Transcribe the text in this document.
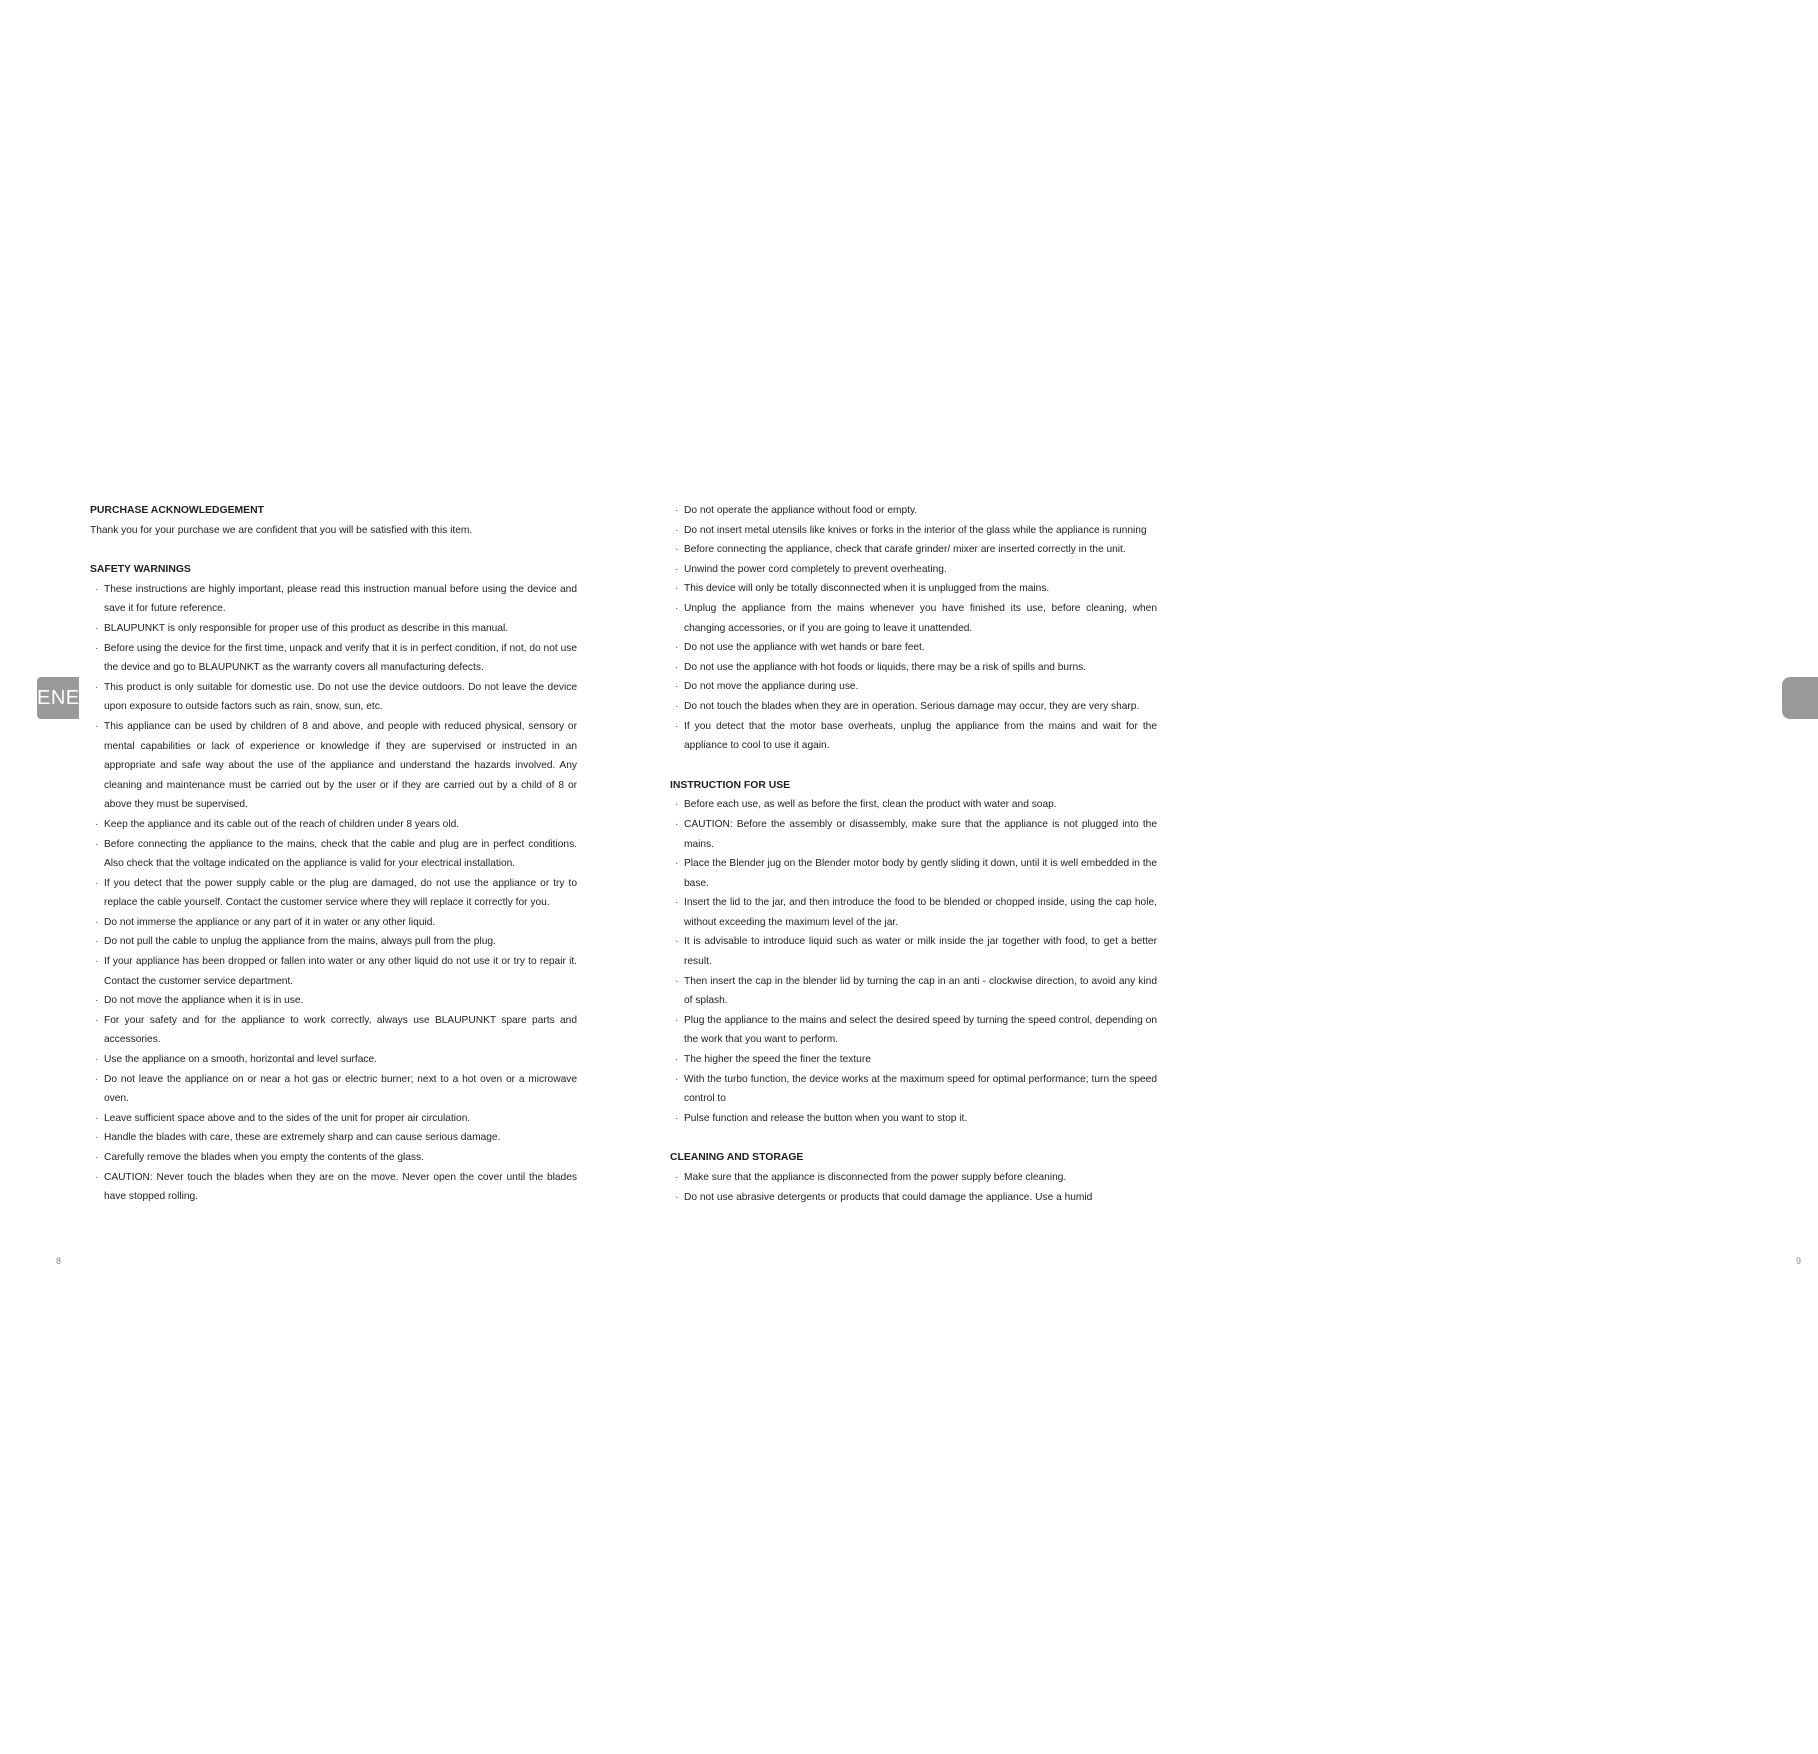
ENE

PURCHASE ACKNOWLEDGEMENT

Thank you for your purchase we are confident that you will be satisfied with this item.

SAFETY WARNINGS

· These instructions are highly important, please read this instruction manual before using the device and save it for future reference.
· BLAUPUNKT is only responsible for proper use of this product as describe in this manual.
· Before using the device for the first time, unpack and verify that it is in perfect condition, if not, do not use the device and go to BLAUPUNKT as the warranty covers all manufacturing defects.
· This product is only suitable for domestic use. Do not use the device outdoors. Do not leave the device upon exposure to outside factors such as rain, snow, sun, etc.
· This appliance can be used by children of 8 and above, and people with reduced physical, sensory or mental capabilities or lack of experience or knowledge if they are supervised or instructed in an appropriate and safe way about the use of the appliance and understand the hazards involved. Any cleaning and maintenance must be carried out by the user or if they are carried out by a child of 8 or above they must be supervised.
· Keep the appliance and its cable out of the reach of children under 8 years old.
· Before connecting the appliance to the mains, check that the cable and plug are in perfect conditions. Also check that the voltage indicated on the appliance is valid for your electrical installation.
· If you detect that the power supply cable or the plug are damaged, do not use the appliance or try to replace the cable yourself. Contact the customer service where they will replace it correctly for you.
· Do not immerse the appliance or any part of it in water or any other liquid.
· Do not pull the cable to unplug the appliance from the mains, always pull from the plug.
· If your appliance has been dropped or fallen into water or any other liquid do not use it or try to repair it. Contact the customer service department.
· Do not move the appliance when it is in use.
· For your safety and for the appliance to work correctly, always use BLAUPUNKT spare parts and accessories.
· Use the appliance on a smooth, horizontal and level surface.
· Do not leave the appliance on or near a hot gas or electric burner; next to a hot oven or a microwave oven.
· Leave sufficient space above and to the sides of the unit for proper air circulation.
· Handle the blades with care, these are extremely sharp and can cause serious damage.
· Carefully remove the blades when you empty the contents of the glass.
· CAUTION: Never touch the blades when they are on the move. Never open the cover until the blades have stopped rolling.
8
· Do not operate the appliance without food or empty.
· Do not insert metal utensils like knives or forks in the interior of the glass while the appliance is running
· Before connecting the appliance, check that carafe grinder/ mixer are inserted correctly in the unit.
· Unwind the power cord completely to prevent overheating.
· This device will only be totally disconnected when it is unplugged from the mains.
· Unplug the appliance from the mains whenever you have finished its use, before cleaning, when changing accessories, or if you are going to leave it unattended.
· Do not use the appliance with wet hands or bare feet.
· Do not use the appliance with hot foods or liquids, there may be a risk of spills and burns.
· Do not move the appliance during use.
· Do not touch the blades when they are in operation. Serious damage may occur, they are very sharp.
· If you detect that the motor base overheats, unplug the appliance from the mains and wait for the appliance to cool to use it again.

INSTRUCTION FOR USE

· Before each use, as well as before the first, clean the product with water and soap.
· CAUTION: Before the assembly or disassembly, make sure that the appliance is not plugged into the mains.
· Place the Blender jug on the Blender motor body by gently sliding it down, until it is well embedded in the base.
· Insert the lid to the jar, and then introduce the food to be blended or chopped inside, using the cap hole, without exceeding the maximum level of the jar.
· It is advisable to introduce liquid such as water or milk inside the jar together with food, to get a better result.
· Then insert the cap in the blender lid by turning the cap in an anti - clockwise direction, to avoid any kind of splash.
· Plug the appliance to the mains and select the desired speed by turning the speed control, depending on the work that you want to perform.
· The higher the speed the finer the texture
· With the turbo function, the device works at the maximum speed for optimal performance; turn the speed control to
· Pulse function and release the button when you want to stop it.

CLEANING AND STORAGE

· Make sure that the appliance is disconnected from the power supply before cleaning.
· Do not use abrasive detergents or products that could damage the appliance. Use a humid
9
